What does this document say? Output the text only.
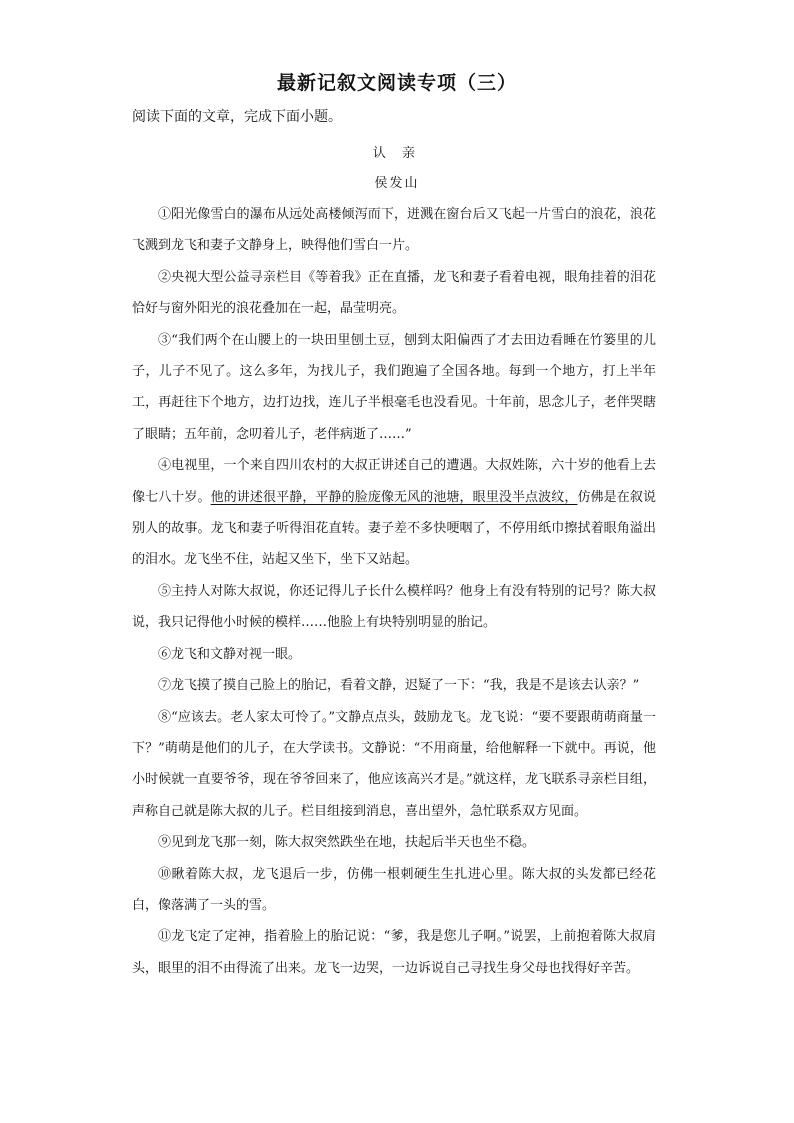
最新记叙文阅读专项（三）

阅读下面的文章，完成下面小题。

认 亲

侯发山

①阳光像雪白的瀑布从远处高楼倾泻而下，迸溅在窗台后又飞起一片雪白的浪花，浪花飞溅到龙飞和妻子文静身上，映得他们雪白一片。

②央视大型公益寻亲栏目《等着我》正在直播，龙飞和妻子看着电视，眼角挂着的泪花恰好与窗外阳光的浪花叠加在一起，晶莹明亮。

③“我们两个在山腰上的一块田里刨土豆，刨到太阳偏西了才去田边看睡在竹篓里的儿子，儿子不见了。这么多年，为找儿子，我们跑遍了全国各地。每到一个地方，打上半年工，再赶往下个地方，边打边找，连儿子半根毫毛也没看见。十年前，思念儿子，老伴哭瞎了眼睛；五年前，念叨着儿子，老伴病逝了……”

④电视里，一个来自四川农村的大叔正讲述自己的遭遇。大叔姓陈，六十岁的他看上去像七八十岁。他的讲述很平静，平静的脸庞像无风的池塘，眼里没半点波纹，仿佛是在叙说别人的故事。龙飞和妻子听得泪花直转。妻子差不多快哽咽了，不停用纸巾擦拭着眼角溢出的泪水。龙飞坐不住，站起又坐下，坐下又站起。

⑤主持人对陈大叔说，你还记得儿子长什么模样吗？他身上有没有特别的记号？陈大叔说，我只记得他小时候的模样……他脸上有块特别明显的胎记。

⑥龙飞和文静对视一眼。

⑦龙飞摸了摸自己脸上的胎记，看着文静，迟疑了一下：“我，我是不是该去认亲？”

⑧“应该去。老人家太可怜了。”文静点点头，鼓励龙飞。龙飞说：“要不要跟萌萌商量一下？”萌萌是他们的儿子，在大学读书。文静说：“不用商量，给他解释一下就中。再说，他小时候就一直要爷爷，现在爷爷回来了，他应该高兴才是。”就这样，龙飞联系寻亲栏目组，声称自己就是陈大叔的儿子。栏目组接到消息，喜出望外，急忙联系双方见面。

⑨见到龙飞那一刻，陈大叔突然跌坐在地，扶起后半天也坐不稳。

⑩瞅着陈大叔，龙飞退后一步，仿佛一根刺硬生生扎进心里。陈大叔的头发都已经花白，像落满了一头的雪。

⑪龙飞定了定神，指着脸上的胎记说：“爹，我是您儿子啊。”说罢，上前抱着陈大叔肩头，眼里的泪不由得流了出来。龙飞一边哭，一边诉说自己寻找生身父母也找得好辛苦。
